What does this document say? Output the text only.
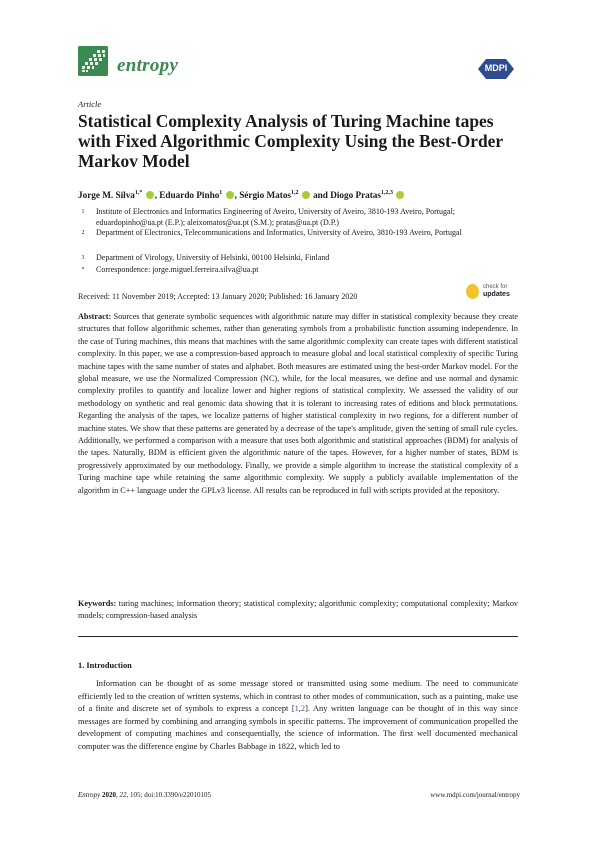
entropy	MDPI
Article
Statistical Complexity Analysis of Turing Machine tapes with Fixed Algorithmic Complexity Using the Best-Order Markov Model
Jorge M. Silva$^{1,*}$ , Eduardo Pinho$^1$ , Sérgio Matos$^{1,2}$ and Diogo Pratas$^{1,2,3}$
1	Institute of Electronics and Informatics Engineering of Aveiro, University of Aveiro, 3810-193 Aveiro, Portugal; eduardopinho@ua.pt (E.P.); aleixomatos@ua.pt (S.M.); pratas@ua.pt (D.P.)
2	Department of Electronics, Telecommunications and Informatics, University of Aveiro, 3810-193 Aveiro, Portugal
3	Department of Virology, University of Helsinki, 00100 Helsinki, Finland
*	Correspondence: jorge.miguel.ferreira.silva@ua.pt
Received: 11 November 2019; Accepted: 13 January 2020; Published: 16 January 2020
check for
updates
Abstract: Sources that generate symbolic sequences with algorithmic nature may differ in statistical complexity because they create structures that follow algorithmic schemes, rather than generating symbols from a probabilistic function assuming independence. In the case of Turing machines, this means that machines with the same algorithmic complexity can create tapes with different statistical complexity. In this paper, we use a compression-based approach to measure global and local statistical complexity of specific Turing machine tapes with the same number of states and alphabet. Both measures are estimated using the best-order Markov model. For the global measure, we use the Normalized Compression (NC), while, for the local measures, we define and use normal and dynamic complexity profiles to quantify and localize lower and higher regions of statistical complexity. We assessed the validity of our methodology on synthetic and real genomic data showing that it is tolerant to increasing rates of editions and block permutations. Regarding the analysis of the tapes, we localize patterns of higher statistical complexity in two regions, for a different number of machine states. We show that these patterns are generated by a decrease of the tape's amplitude, given the setting of small rule cycles. Additionally, we performed a comparison with a measure that uses both algorithmic and statistical approaches (BDM) for analysis of the tapes. Naturally, BDM is efficient given the algorithmic nature of the tapes. However, for a higher number of states, BDM is progressively approximated by our methodology. Finally, we provide a simple algorithm to increase the statistical complexity of a Turing machine tape while retaining the same algorithmic complexity. We supply a publicly available implementation of the algorithm in C++ language under the GPLv3 license. All results can be reproduced in full with scripts provided at the repository.
Keywords: turing machines; information theory; statistical complexity; algorithmic complexity; computational complexity; Markov models; compression-based analysis
1. Introduction
Information can be thought of as some message stored or transmitted using some medium. The need to communicate efficiently led to the creation of written systems, which in contrast to other modes of communication, such as a painting, make use of a finite and discrete set of symbols to express a concept [1,2]. Any written language can be thought of in this way since messages are formed by combining and arranging symbols in specific patterns. The improvement of communication propelled the development of computing machines and consequentially, the science of information. The first well documented mechanical computer was the difference engine by Charles Babbage in 1822, which led to
Entropy 2020, 22, 105; doi:10.3390/e22010105	www.mdpi.com/journal/entropy
